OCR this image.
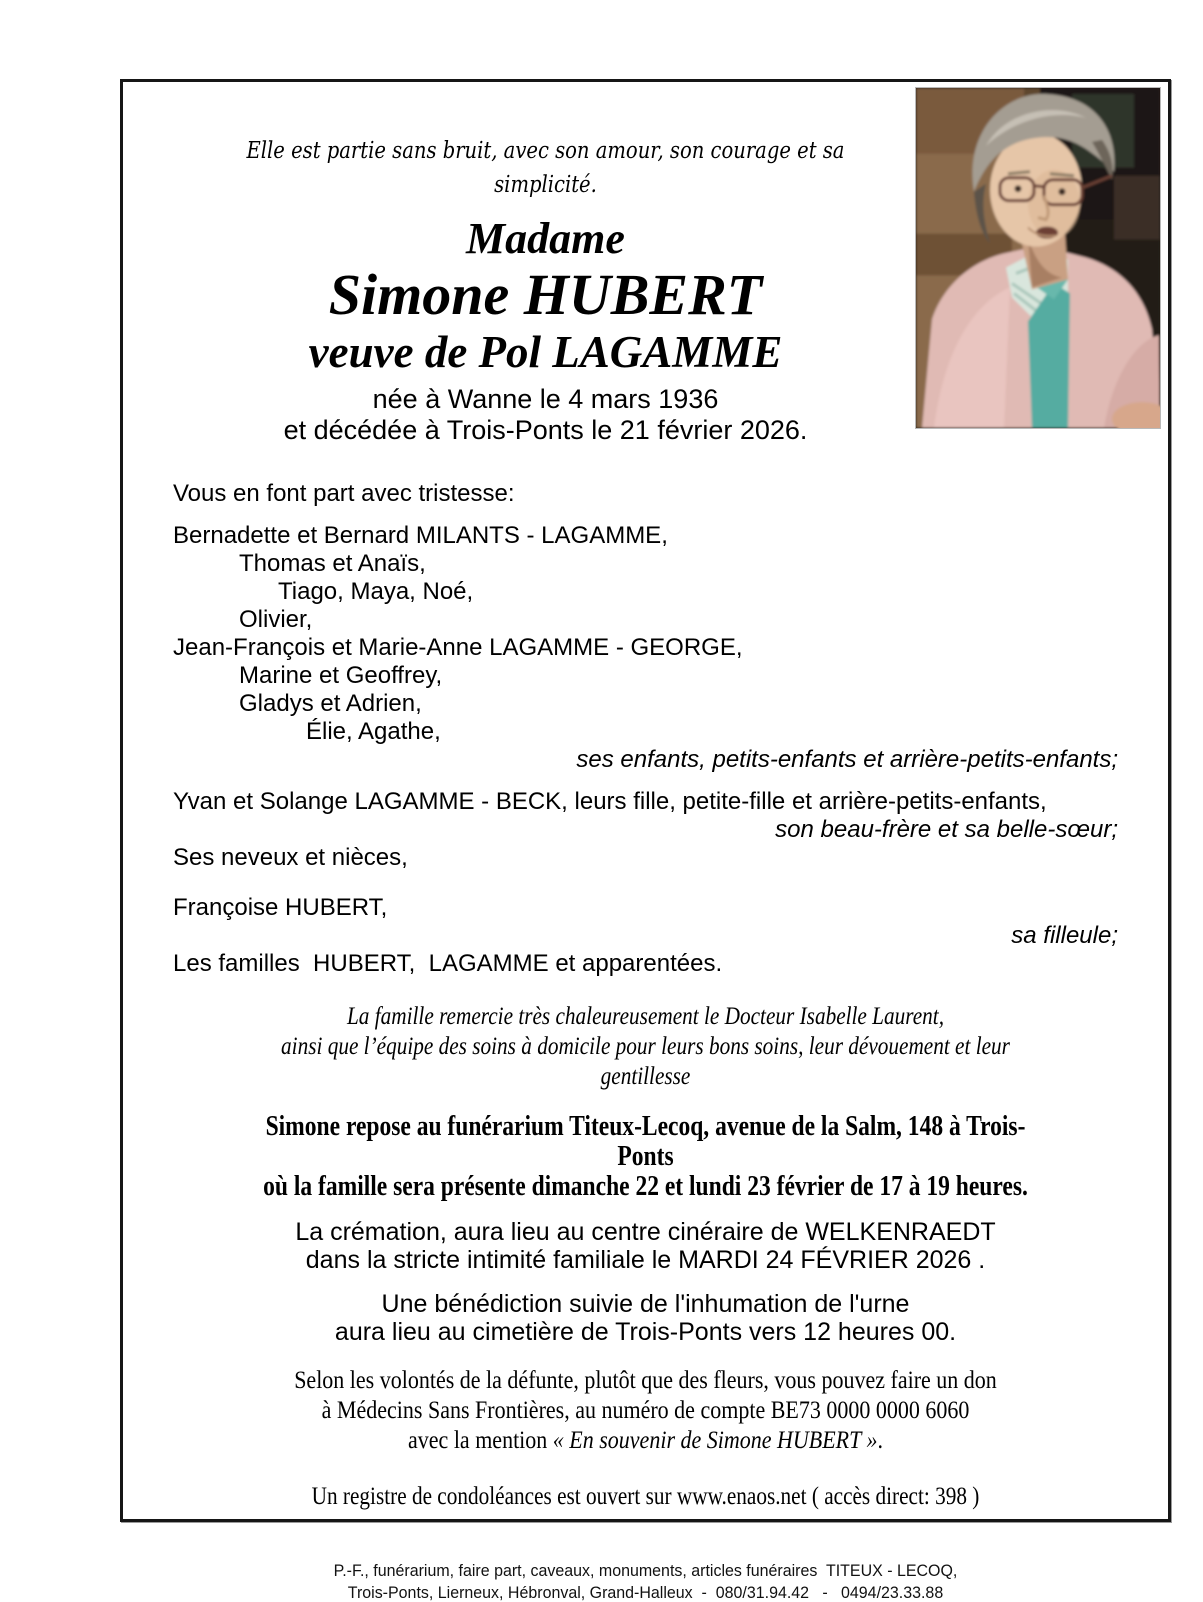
Elle est partie sans bruit, avec son amour, son courage et sa simplicité.
Madame
Simone HUBERT
veuve de Pol LAGAMME
née à Wanne le 4 mars 1936
et décédée à Trois-Ponts le 21 février 2026.
Vous en font part avec tristesse:
Bernadette et Bernard MILANTS - LAGAMME,
Thomas et Anaïs,
Tiago, Maya, Noé,
Olivier,
Jean-François et Marie-Anne LAGAMME - GEORGE,
Marine et Geoffrey,
Gladys et Adrien,
Élie, Agathe,
ses enfants, petits-enfants et arrière-petits-enfants;
Yvan et Solange LAGAMME - BECK, leurs fille, petite-fille et arrière-petits-enfants,
son beau-frère et sa belle-sœur;
Ses neveux et nièces,
Françoise HUBERT,
sa filleule;
Les familles  HUBERT,  LAGAMME et apparentées.
La famille remercie très chaleureusement le Docteur Isabelle Laurent,
ainsi que l’équipe des soins à domicile pour leurs bons soins, leur dévouement et leur gentillesse
Simone repose au funérarium Titeux-Lecoq, avenue de la Salm, 148 à Trois-Ponts
où la famille sera présente dimanche 22 et lundi 23 février de 17 à 19 heures.
La crémation, aura lieu au centre cinéraire de WELKENRAEDT
dans la stricte intimité familiale le MARDI 24 FÉVRIER 2026 .
Une bénédiction suivie de l'inhumation de l'urne
aura lieu au cimetière de Trois-Ponts vers 12 heures 00.
Selon les volontés de la défunte, plutôt que des fleurs, vous pouvez faire un don
à Médecins Sans Frontières, au numéro de compte BE73 0000 0000 6060
avec la mention « En souvenir de Simone HUBERT ».
Un registre de condoléances est ouvert sur www.enaos.net ( accès direct: 398 )
P.-F., funérarium, faire part, caveaux, monuments, articles funéraires  TITEUX - LECOQ,
Trois-Ponts, Lierneux, Hébronval, Grand-Halleux  -  080/31.94.42   -   0494/23.33.88
